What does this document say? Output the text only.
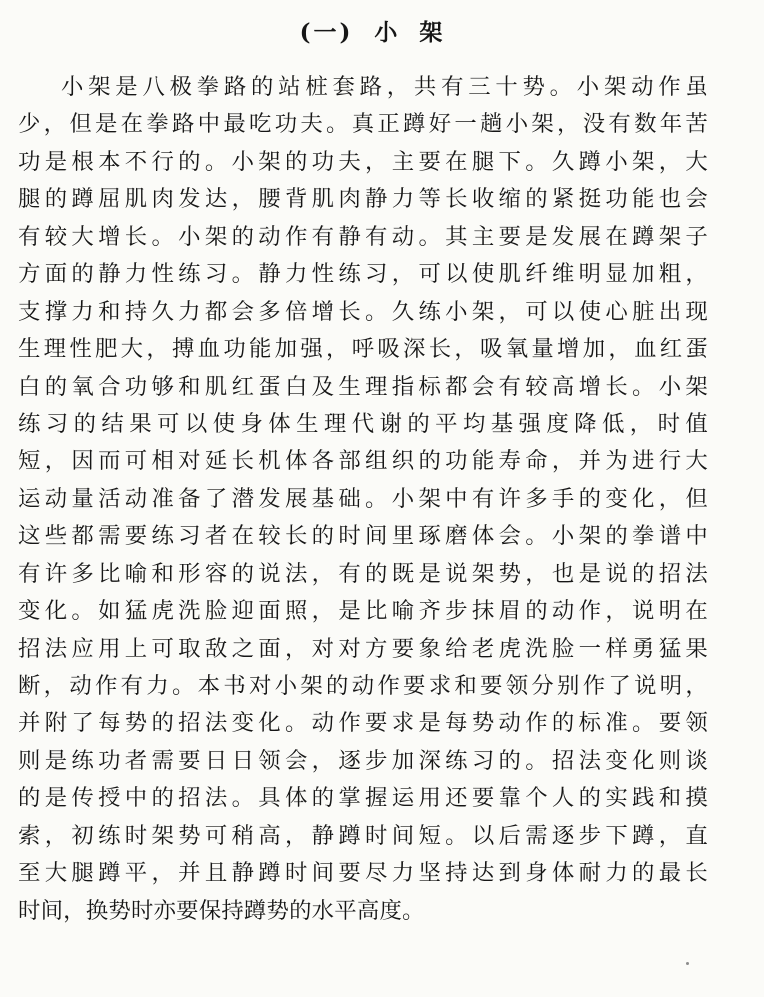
(一) 小架
小架是八极拳路的站桩套路，共有三十势。小架动作虽
少，但是在拳路中最吃功夫。真正蹲好一趟小架，没有数年苦
功是根本不行的。小架的功夫，主要在腿下。久蹲小架，大
腿的蹲屈肌肉发达，腰背肌肉静力等长收缩的紧挺功能也会
有较大增长。小架的动作有静有动。其主要是发展在蹲架子
方面的静力性练习。静力性练习，可以使肌纤维明显加粗，
支撑力和持久力都会多倍增长。久练小架，可以使心脏出现
生理性肥大，搏血功能加强，呼吸深长，吸氧量增加，血红蛋
白的氧合功够和肌红蛋白及生理指标都会有较高增长。小架
练习的结果可以使身体生理代谢的平均基强度降低，时值
短，因而可相对延长机体各部组织的功能寿命，并为进行大
运动量活动准备了潜发展基础。小架中有许多手的变化，但
这些都需要练习者在较长的时间里琢磨体会。小架的拳谱中
有许多比喻和形容的说法，有的既是说架势，也是说的招法
变化。如猛虎洗脸迎面照，是比喻齐步抹眉的动作，说明在
招法应用上可取敌之面，对对方要象给老虎洗脸一样勇猛果
断，动作有力。本书对小架的动作要求和要领分别作了说明，
并附了每势的招法变化。动作要求是每势动作的标准。要领
则是练功者需要日日领会，逐步加深练习的。招法变化则谈
的是传授中的招法。具体的掌握运用还要靠个人的实践和摸
索，初练时架势可稍高，静蹲时间短。以后需逐步下蹲，直
至大腿蹲平，并且静蹲时间要尽力坚持达到身体耐力的最长
时间，换势时亦要保持蹲势的水平高度。
